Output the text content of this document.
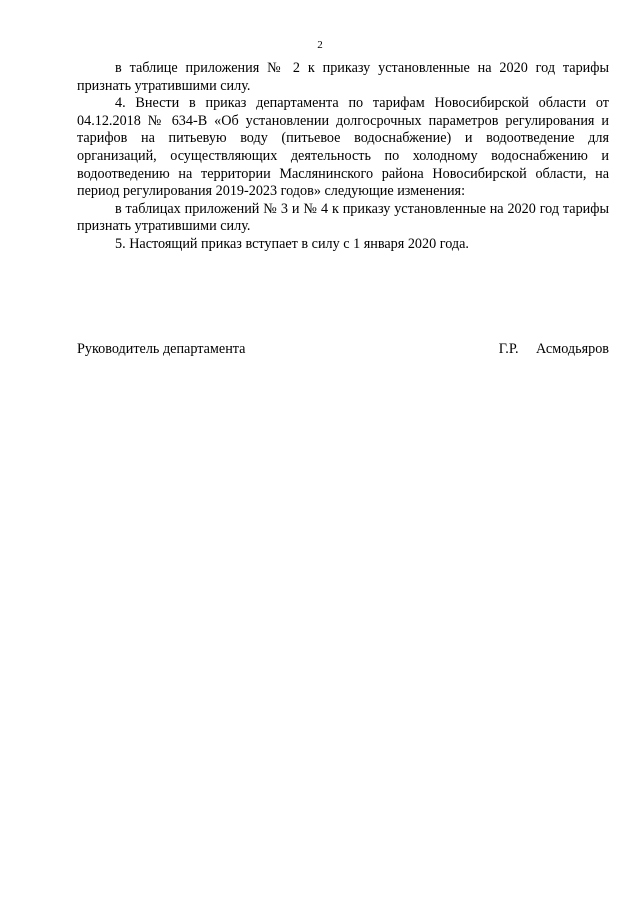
2

в таблице приложения № 2 к приказу установленные на 2020 год тарифы признать утратившими силу.

4. Внести в приказ департамента по тарифам Новосибирской области от 04.12.2018 № 634-В «Об установлении долгосрочных параметров регулирования и тарифов на питьевую воду (питьевое водоснабжение) и водоотведение для организаций, осуществляющих деятельность по холодному водоснабжению и водоотведению на территории Маслянинского района Новосибирской области, на период регулирования 2019-2023 годов» следующие изменения:

в таблицах приложений № 3 и № 4 к приказу установленные на 2020 год тарифы признать утратившими силу.

5. Настоящий приказ вступает в силу с 1 января 2020 года.

Руководитель департамента	Г.Р. Асмодьяров
